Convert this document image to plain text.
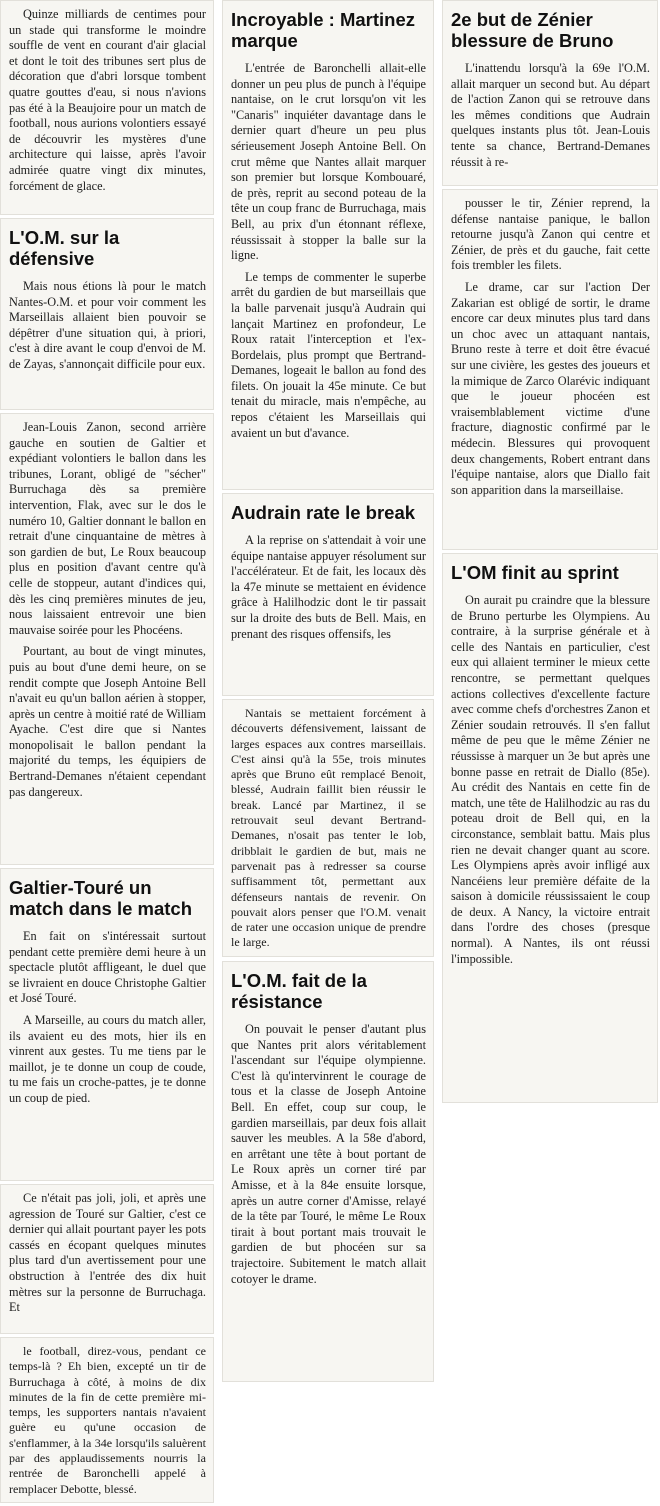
Quinze milliards de centimes pour un stade qui transforme le moindre souffle de vent en courant d'air glacial et dont le toit des tribunes sert plus de décoration que d'abri lorsque tombent quatre gouttes d'eau, si nous n'avions pas été à la Beaujoire pour un match de football, nous aurions volontiers essayé de découvrir les mystères d'une architecture qui laisse, après l'avoir admirée quatre vingt dix minutes, forcément de glace.

L'O.M. sur la défensive

Mais nous étions là pour le match Nantes-O.M. et pour voir comment les Marseillais allaient bien pouvoir se dépêtrer d'une situation qui, à priori, c'est à dire avant le coup d'envoi de M. de Zayas, s'annonçait difficile pour eux.

Jean-Louis Zanon, second arrière gauche en soutien de Galtier et expédiant volontiers le ballon dans les tribunes, Lorant, obligé de "sécher" Burruchaga dès sa première intervention, Flak, avec sur le dos le numéro 10, Galtier donnant le ballon en retrait d'une cinquantaine de mètres à son gardien de but, Le Roux beaucoup plus en position d'avant centre qu'à celle de stoppeur, autant d'indices qui, dès les cinq premières minutes de jeu, nous laissaient entrevoir une bien mauvaise soirée pour les Phocéens.

Pourtant, au bout de vingt minutes, puis au bout d'une demi heure, on se rendit compte que Joseph Antoine Bell n'avait eu qu'un ballon aérien à stopper, après un centre à moitié raté de William Ayache. C'est dire que si Nantes monopolisait le ballon pendant la majorité du temps, les équipiers de Bertrand-Demanes n'étaient cependant pas dangereux.

Galtier-Touré un match dans le match

En fait on s'intéressait surtout pendant cette première demi heure à un spectacle plutôt affligeant, le duel que se livraient en douce Christophe Galtier et José Touré.

A Marseille, au cours du match aller, ils avaient eu des mots, hier ils en vinrent aux gestes. Tu me tiens par le maillot, je te donne un coup de coude, tu me fais un croche-pattes, je te donne un coup de pied.

Ce n'était pas joli, joli, et après une agression de Touré sur Galtier, c'est ce dernier qui allait pourtant payer les pots cassés en écopant quelques minutes plus tard d'un avertissement pour une obstruction à l'entrée des dix huit mètres sur la personne de Burruchaga. Et

le football, direz-vous, pendant ce temps-là ? Eh bien, excepté un tir de Burruchaga à côté, à moins de dix minutes de la fin de cette première mi-temps, les supporters nantais n'avaient guère eu qu'une occasion de s'enflammer, à la 34e lorsqu'ils saluèrent par des applaudissements nourris la rentrée de Baronchelli appelé à remplacer Debotte, blessé.

Incroyable : Martinez marque

L'entrée de Baronchelli allait-elle donner un peu plus de punch à l'équipe nantaise, on le crut lorsqu'on vit les "Canaris" inquiéter davantage dans le dernier quart d'heure un peu plus sérieusement Joseph Antoine Bell. On crut même que Nantes allait marquer son premier but lorsque Kombouaré, de près, reprit au second poteau de la tête un coup franc de Burruchaga, mais Bell, au prix d'un étonnant réflexe, réussissait à stopper la balle sur la ligne.

Le temps de commenter le superbe arrêt du gardien de but marseillais que la balle parvenait jusqu'à Audrain qui lançait Martinez en profondeur, Le Roux ratait l'interception et l'ex-Bordelais, plus prompt que Bertrand-Demanes, logeait le ballon au fond des filets. On jouait la 45e minute. Ce but tenait du miracle, mais n'empêche, au repos c'étaient les Marseillais qui avaient un but d'avance.

Audrain rate le break

A la reprise on s'attendait à voir une équipe nantaise appuyer résolument sur l'accélérateur. Et de fait, les locaux dès la 47e minute se mettaient en évidence grâce à Halilhodzic dont le tir passait sur la droite des buts de Bell. Mais, en prenant des risques offensifs, les

Nantais se mettaient forcément à découverts défensivement, laissant de larges espaces aux contres marseillais. C'est ainsi qu'à la 55e, trois minutes après que Bruno eût remplacé Benoit, blessé, Audrain faillit bien réussir le break. Lancé par Martinez, il se retrouvait seul devant Bertrand-Demanes, n'osait pas tenter le lob, dribblait le gardien de but, mais ne parvenait pas à redresser sa course suffisamment tôt, permettant aux défenseurs nantais de revenir. On pouvait alors penser que l'O.M. venait de rater une occasion unique de prendre le large.

L'O.M. fait de la résistance

On pouvait le penser d'autant plus que Nantes prit alors véritablement l'ascendant sur l'équipe olympienne. C'est là qu'intervinrent le courage de tous et la classe de Joseph Antoine Bell. En effet, coup sur coup, le gardien marseillais, par deux fois allait sauver les meubles. A la 58e d'abord, en arrêtant une tête à bout portant de Le Roux après un corner tiré par Amisse, et à la 84e ensuite lorsque, après un autre corner d'Amisse, relayé de la tête par Touré, le même Le Roux tirait à bout portant mais trouvait le gardien de but phocéen sur sa trajectoire. Subitement le match allait cotoyer le drame.

2e but de Zénier blessure de Bruno

L'inattendu lorsqu'à la 69e l'O.M. allait marquer un second but. Au départ de l'action Zanon qui se retrouve dans les mêmes conditions que Audrain quelques instants plus tôt. Jean-Louis tente sa chance, Bertrand-Demanes réussit à re-

pousser le tir, Zénier reprend, la défense nantaise panique, le ballon retourne jusqu'à Zanon qui centre et Zénier, de près et du gauche, fait cette fois trembler les filets.

Le drame, car sur l'action Der Zakarian est obligé de sortir, le drame encore car deux minutes plus tard dans un choc avec un attaquant nantais, Bruno reste à terre et doit être évacué sur une civière, les gestes des joueurs et la mimique de Zarco Olarévic indiquant que le joueur phocéen est vraisemblablement victime d'une fracture, diagnostic confirmé par le médecin. Blessures qui provoquent deux changements, Robert entrant dans l'équipe nantaise, alors que Diallo fait son apparition dans la marseillaise.

L'OM finit au sprint

On aurait pu craindre que la blessure de Bruno perturbe les Olympiens. Au contraire, à la surprise générale et à celle des Nantais en particulier, c'est eux qui allaient terminer le mieux cette rencontre, se permettant quelques actions collectives d'excellente facture avec comme chefs d'orchestres Zanon et Zénier soudain retrouvés. Il s'en fallut même de peu que le même Zénier ne réussisse à marquer un 3e but après une bonne passe en retrait de Diallo (85e). Au crédit des Nantais en cette fin de match, une tête de Halilhodzic au ras du poteau droit de Bell qui, en la circonstance, semblait battu. Mais plus rien ne devait changer quant au score. Les Olympiens après avoir infligé aux Nancéiens leur première défaite de la saison à domicile réussissaient le coup de deux. A Nancy, la victoire entrait dans l'ordre des choses (presque normal). A Nantes, ils ont réussi l'impossible.
